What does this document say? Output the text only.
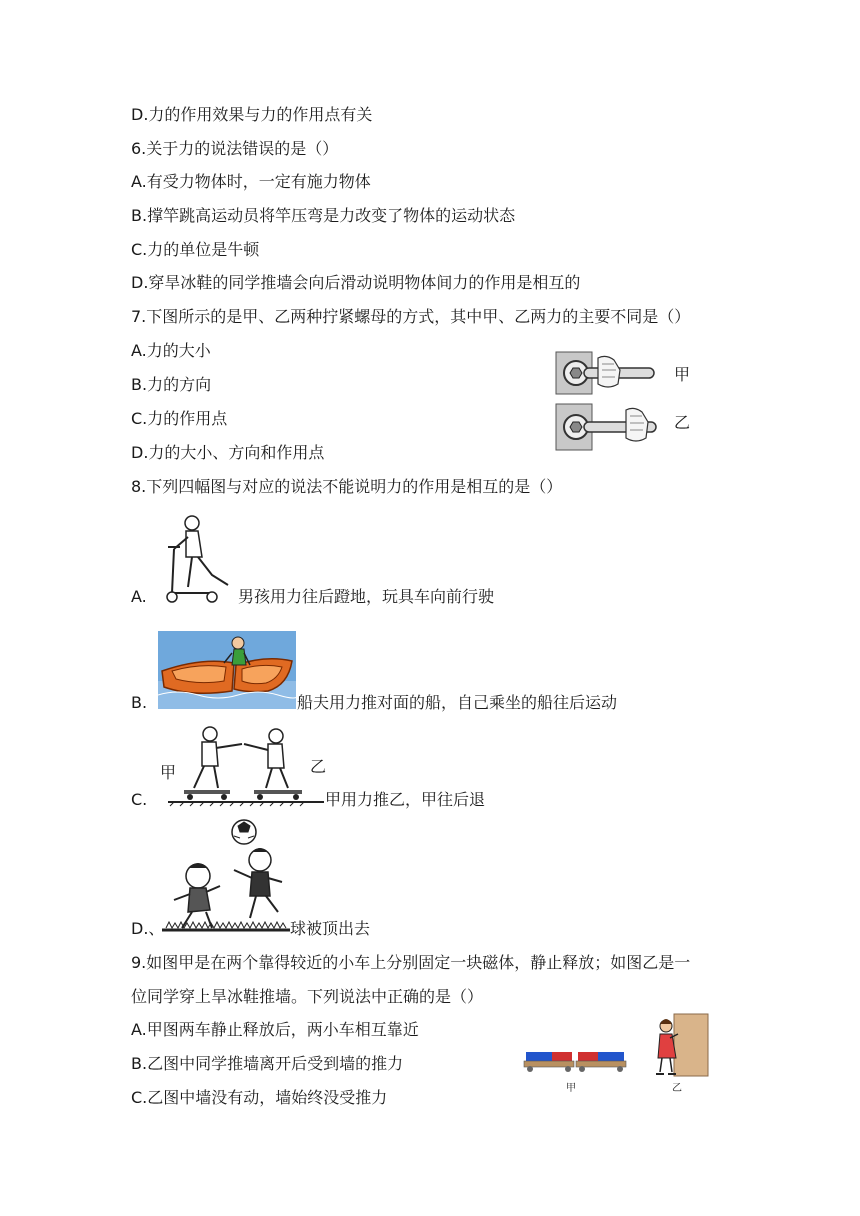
D.力的作用效果与力的作用点有关
6.关于力的说法错误的是（）
A.有受力物体时，一定有施力物体
B.撑竿跳高运动员将竿压弯是力改变了物体的运动状态
C.力的单位是牛顿
D.穿旱冰鞋的同学推墙会向后滑动说明物体间力的作用是相互的
7.下图所示的是甲、乙两种拧紧螺母的方式，其中甲、乙两力的主要不同是（）
A.力的大小
B.力的方向
C.力的作用点
D.力的大小、方向和作用点
甲
乙
8.下列四幅图与对应的说法不能说明力的作用是相互的是（）
A.	男孩用力往后蹬地，玩具车向前行驶
B.	船夫用力推对面的船，自己乘坐的船往后运动
C.
甲	乙
甲用力推乙，甲往后退
D.、	球被顶出去
9.如图甲是在两个靠得较近的小车上分别固定一块磁体，静止释放；如图乙是一
位同学穿上旱冰鞋推墙。下列说法中正确的是（）
A.甲图两车静止释放后，两小车相互靠近
B.乙图中同学推墙离开后受到墙的推力
C.乙图中墙没有动，墙始终没受推力	甲	乙
